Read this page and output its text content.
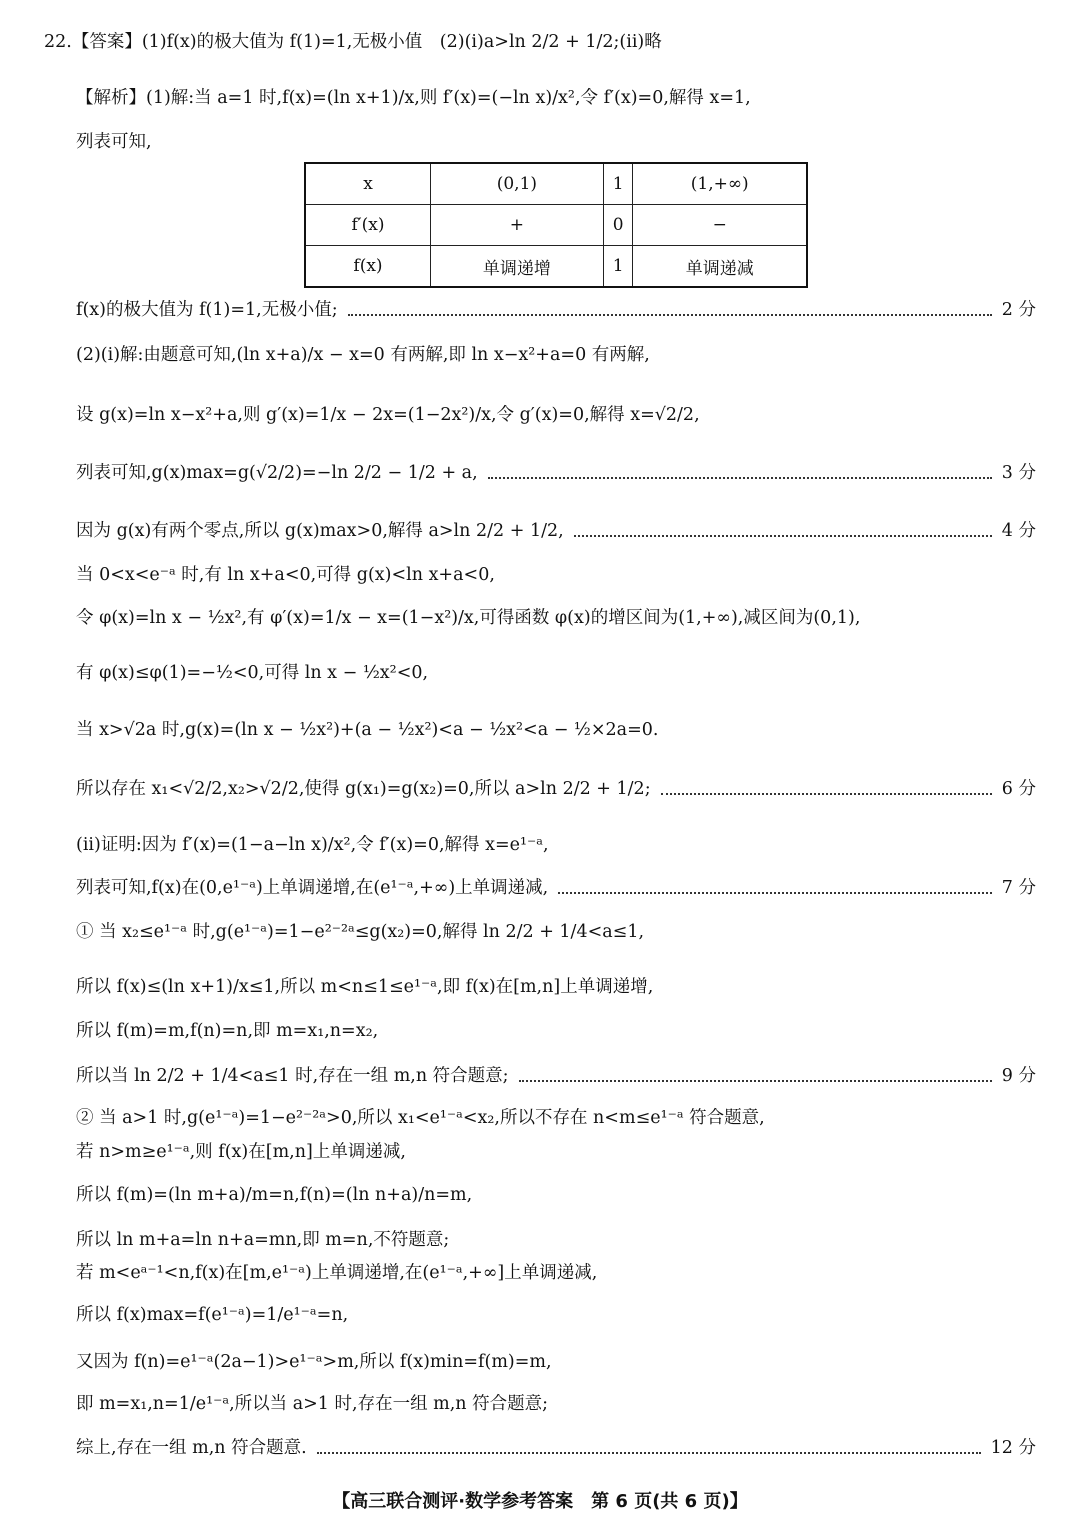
22.【答案】(1)f(x)的极大值为 f(1)=1,无极小值　(2)(i)a>ln 2/2 + 1/2;(ii)略
【解析】(1)解:当 a=1 时,f(x)=(ln x+1)/x,则 f′(x)=(−ln x)/x²,令 f′(x)=0,解得 x=1,
列表可知,
x	(0,1)	1	(1,+∞)
f′(x)	+	0	−
f(x)	单调递增	1	单调递减
f(x)的极大值为 f(1)=1,无极小值;	2 分
(2)(i)解:由题意可知,(ln x+a)/x − x=0 有两解,即 ln x−x²+a=0 有两解,
设 g(x)=ln x−x²+a,则 g′(x)=1/x − 2x=(1−2x²)/x,令 g′(x)=0,解得 x=√2/2,
列表可知,g(x)max=g(√2/2)=−ln 2/2 − 1/2 + a,	3 分
因为 g(x)有两个零点,所以 g(x)max>0,解得 a>ln 2/2 + 1/2,	4 分
当 0<x<e⁻ᵃ 时,有 ln x+a<0,可得 g(x)<ln x+a<0,
令 φ(x)=ln x − ½x²,有 φ′(x)=1/x − x=(1−x²)/x,可得函数 φ(x)的增区间为(1,+∞),减区间为(0,1),
有 φ(x)≤φ(1)=−½<0,可得 ln x − ½x²<0,
当 x>√2a 时,g(x)=(ln x − ½x²)+(a − ½x²)<a − ½x²<a − ½×2a=0.
所以存在 x₁<√2/2,x₂>√2/2,使得 g(x₁)=g(x₂)=0,所以 a>ln 2/2 + 1/2;	6 分
(ii)证明:因为 f′(x)=(1−a−ln x)/x²,令 f′(x)=0,解得 x=e¹⁻ᵃ,
列表可知,f(x)在(0,e¹⁻ᵃ)上单调递增,在(e¹⁻ᵃ,+∞)上单调递减,	7 分
① 当 x₂≤e¹⁻ᵃ 时,g(e¹⁻ᵃ)=1−e²⁻²ᵃ≤g(x₂)=0,解得 ln 2/2 + 1/4<a≤1,
所以 f(x)≤(ln x+1)/x≤1,所以 m<n≤1≤e¹⁻ᵃ,即 f(x)在[m,n]上单调递增,
所以 f(m)=m,f(n)=n,即 m=x₁,n=x₂,
所以当 ln 2/2 + 1/4<a≤1 时,存在一组 m,n 符合题意;	9 分
② 当 a>1 时,g(e¹⁻ᵃ)=1−e²⁻²ᵃ>0,所以 x₁<e¹⁻ᵃ<x₂,所以不存在 n<m≤e¹⁻ᵃ 符合题意,
若 n>m≥e¹⁻ᵃ,则 f(x)在[m,n]上单调递减,
所以 f(m)=(ln m+a)/m=n,f(n)=(ln n+a)/n=m,
所以 ln m+a=ln n+a=mn,即 m=n,不符题意;
若 m<eᵃ⁻¹<n,f(x)在[m,e¹⁻ᵃ)上单调递增,在(e¹⁻ᵃ,+∞]上单调递减,
所以 f(x)max=f(e¹⁻ᵃ)=1/e¹⁻ᵃ=n,
又因为 f(n)=e¹⁻ᵃ(2a−1)>e¹⁻ᵃ>m,所以 f(x)min=f(m)=m,
即 m=x₁,n=1/e¹⁻ᵃ,所以当 a>1 时,存在一组 m,n 符合题意;
综上,存在一组 m,n 符合题意.	12 分
【高三联合测评·数学参考答案　第 6 页(共 6 页)】
